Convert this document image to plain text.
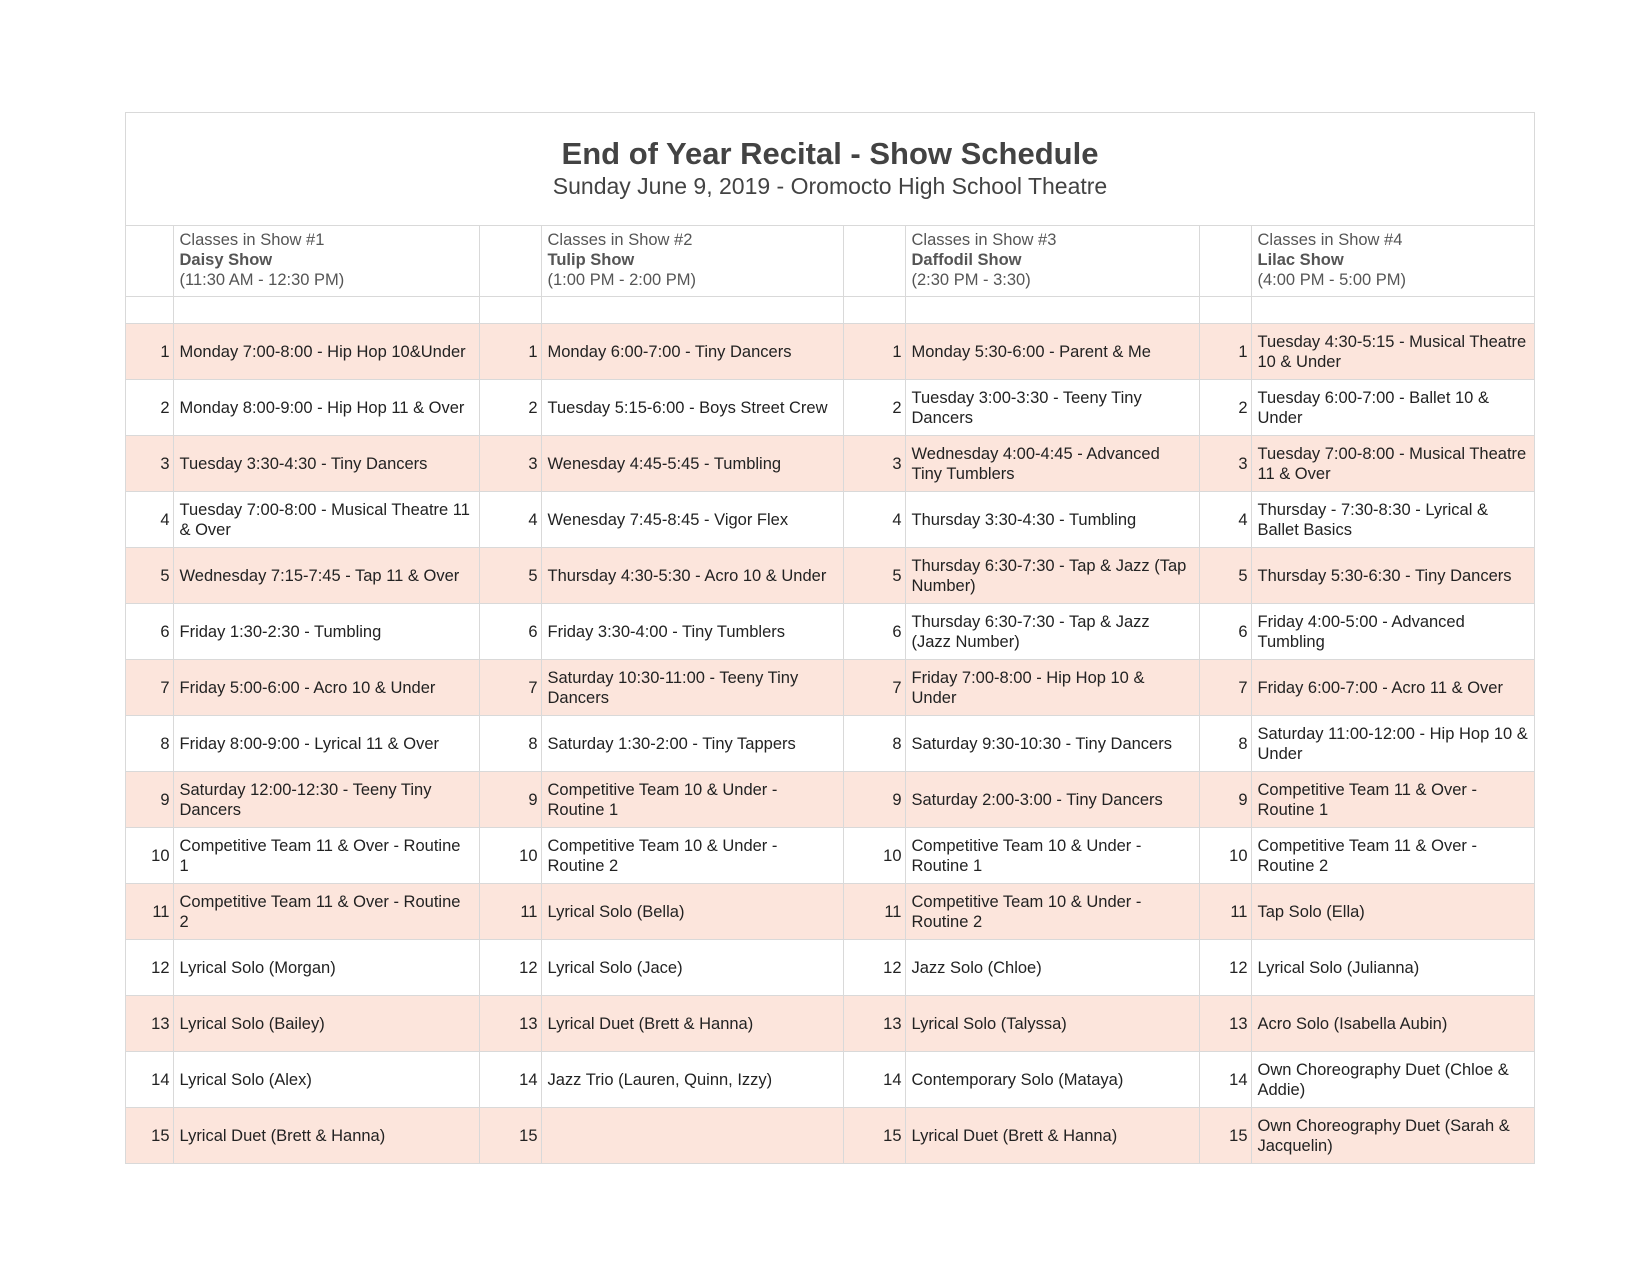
End of Year Recital - Show Schedule
Sunday June 9, 2019 - Oromocto High School Theatre

	Classes in Show #1
Daisy Show
(11:30 AM - 12:30 PM)		Classes in Show #2
Tulip Show
(1:00 PM - 2:00 PM)		Classes in Show #3
Daffodil Show
(2:30 PM - 3:30)		Classes in Show #4
Lilac Show
(4:00 PM - 5:00 PM)

1	Monday 7:00-8:00 - Hip Hop 10&Under	1	Monday 6:00-7:00 - Tiny Dancers	1	Monday 5:30-6:00 - Parent & Me	1	Tuesday 4:30-5:15 - Musical Theatre 10 & Under
2	Monday 8:00-9:00 - Hip Hop 11 & Over	2	Tuesday 5:15-6:00 - Boys Street Crew	2	Tuesday 3:00-3:30 - Teeny Tiny Dancers	2	Tuesday 6:00-7:00 - Ballet 10 & Under
3	Tuesday 3:30-4:30 - Tiny Dancers	3	Wenesday 4:45-5:45 - Tumbling	3	Wednesday 4:00-4:45 - Advanced Tiny Tumblers	3	Tuesday 7:00-8:00 - Musical Theatre 11 & Over
4	Tuesday 7:00-8:00 - Musical Theatre 11 & Over	4	Wenesday 7:45-8:45 - Vigor Flex	4	Thursday 3:30-4:30 - Tumbling	4	Thursday - 7:30-8:30 - Lyrical & Ballet Basics
5	Wednesday 7:15-7:45 - Tap 11 & Over	5	Thursday 4:30-5:30 - Acro 10 & Under	5	Thursday 6:30-7:30 - Tap & Jazz (Tap Number)	5	Thursday 5:30-6:30 - Tiny Dancers
6	Friday 1:30-2:30 - Tumbling	6	Friday 3:30-4:00 - Tiny Tumblers	6	Thursday 6:30-7:30 - Tap & Jazz (Jazz Number)	6	Friday 4:00-5:00 - Advanced Tumbling
7	Friday 5:00-6:00 - Acro 10 & Under	7	Saturday 10:30-11:00 - Teeny Tiny Dancers	7	Friday 7:00-8:00 - Hip Hop 10 & Under	7	Friday 6:00-7:00 - Acro 11 & Over
8	Friday 8:00-9:00 - Lyrical 11 & Over	8	Saturday 1:30-2:00 - Tiny Tappers	8	Saturday 9:30-10:30 - Tiny Dancers	8	Saturday 11:00-12:00 - Hip Hop 10 & Under
9	Saturday 12:00-12:30 - Teeny Tiny Dancers	9	Competitive Team 10 & Under - Routine 1	9	Saturday 2:00-3:00 - Tiny Dancers	9	Competitive Team 11 & Over - Routine 1
10	Competitive Team 11 & Over - Routine 1	10	Competitive Team 10 & Under - Routine 2	10	Competitive Team 10 & Under - Routine 1	10	Competitive Team 11 & Over - Routine 2
11	Competitive Team 11 & Over - Routine 2	11	Lyrical Solo (Bella)	11	Competitive Team 10 & Under - Routine 2	11	Tap Solo (Ella)
12	Lyrical Solo (Morgan)	12	Lyrical Solo (Jace)	12	Jazz Solo (Chloe)	12	Lyrical Solo (Julianna)
13	Lyrical Solo (Bailey)	13	Lyrical Duet (Brett & Hanna)	13	Lyrical Solo (Talyssa)	13	Acro Solo (Isabella Aubin)
14	Lyrical Solo (Alex)	14	Jazz Trio (Lauren, Quinn, Izzy)	14	Contemporary Solo (Mataya)	14	Own Choreography Duet (Chloe & Addie)
15	Lyrical Duet (Brett & Hanna)	15		15	Lyrical Duet (Brett & Hanna)	15	Own Choreography Duet (Sarah & Jacquelin)
